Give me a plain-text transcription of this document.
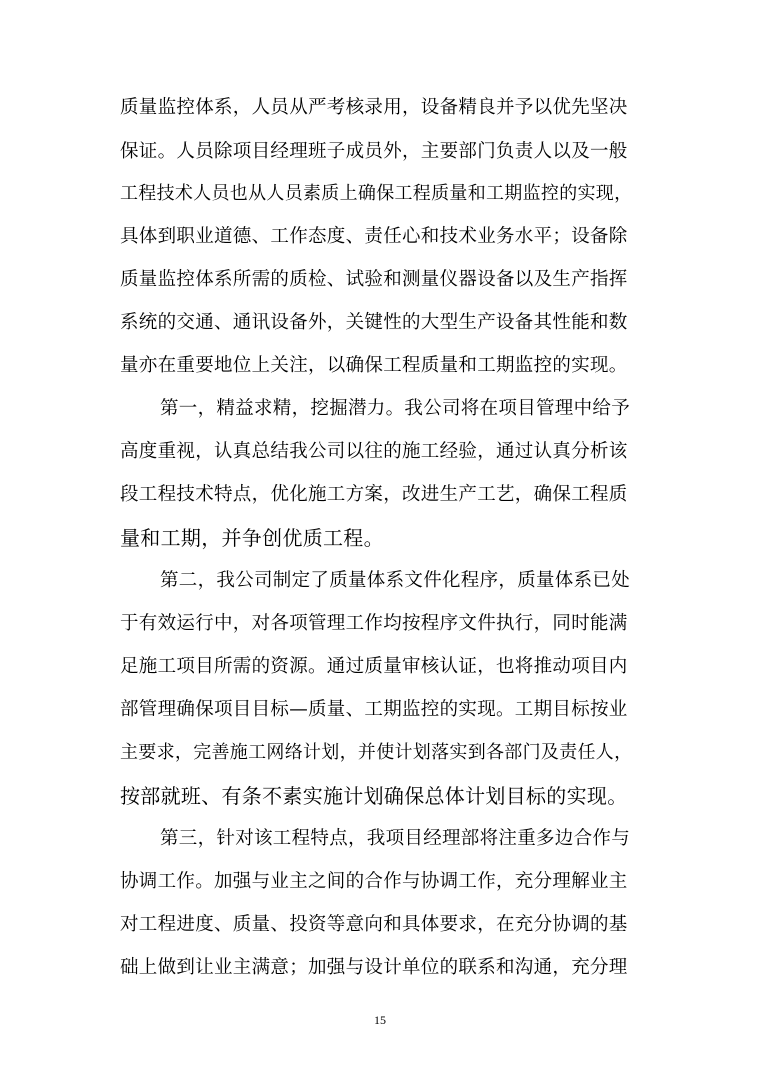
质量监控体系，人员从严考核录用，设备精良并予以优先坚决
保证。人员除项目经理班子成员外，主要部门负责人以及一般
工程技术人员也从人员素质上确保工程质量和工期监控的实现，
具体到职业道德、工作态度、责任心和技术业务水平；设备除
质量监控体系所需的质检、试验和测量仪器设备以及生产指挥
系统的交通、通讯设备外，关键性的大型生产设备其性能和数
量亦在重要地位上关注，以确保工程质量和工期监控的实现。
第一，精益求精，挖掘潜力。我公司将在项目管理中给予
高度重视，认真总结我公司以往的施工经验，通过认真分析该
段工程技术特点，优化施工方案，改进生产工艺，确保工程质
量和工期，并争创优质工程。
第二，我公司制定了质量体系文件化程序，质量体系已处
于有效运行中，对各项管理工作均按程序文件执行，同时能满
足施工项目所需的资源。通过质量审核认证，也将推动项目内
部管理确保项目目标—质量、工期监控的实现。工期目标按业
主要求，完善施工网络计划，并使计划落实到各部门及责任人，
按部就班、有条不素实施计划确保总体计划目标的实现。
第三，针对该工程特点，我项目经理部将注重多边合作与
协调工作。加强与业主之间的合作与协调工作，充分理解业主
对工程进度、质量、投资等意向和具体要求，在充分协调的基
础上做到让业主满意；加强与设计单位的联系和沟通，充分理
15
